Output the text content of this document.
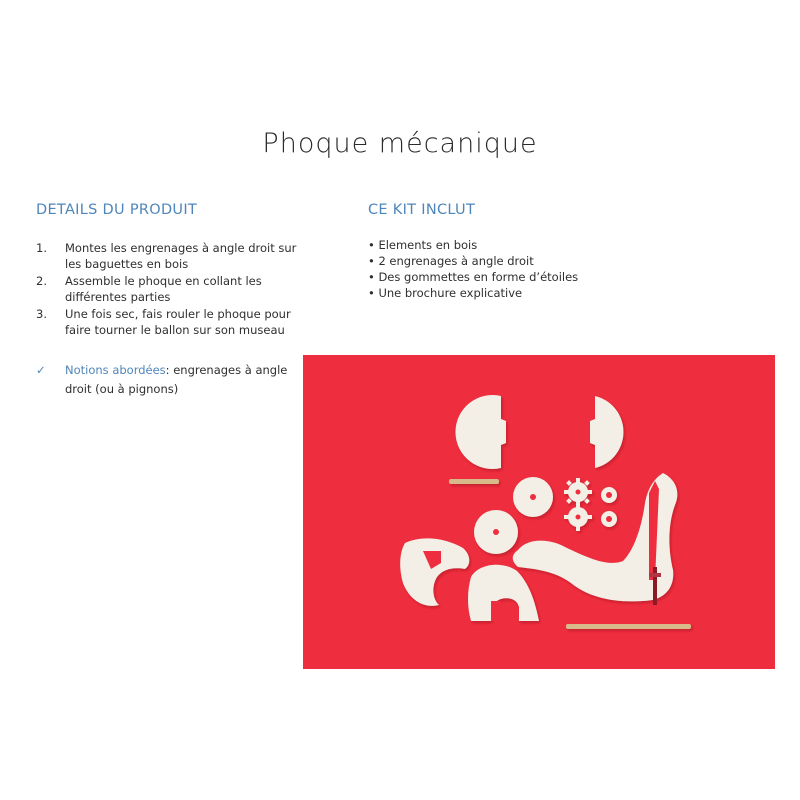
Phoque mécanique
DETAILS DU PRODUIT
1. Montes les engrenages à angle droit sur les baguettes en bois
2. Assemble le phoque en collant les différentes parties
3. Une fois sec, fais rouler le phoque pour faire tourner le ballon sur son museau
✓	Notions abordées: engrenages à angle droit (ou à pignons)
CE KIT INCLUT
• Elements en bois
• 2 engrenages à angle droit
• Des gommettes en forme d’étoiles
• Une brochure explicative
